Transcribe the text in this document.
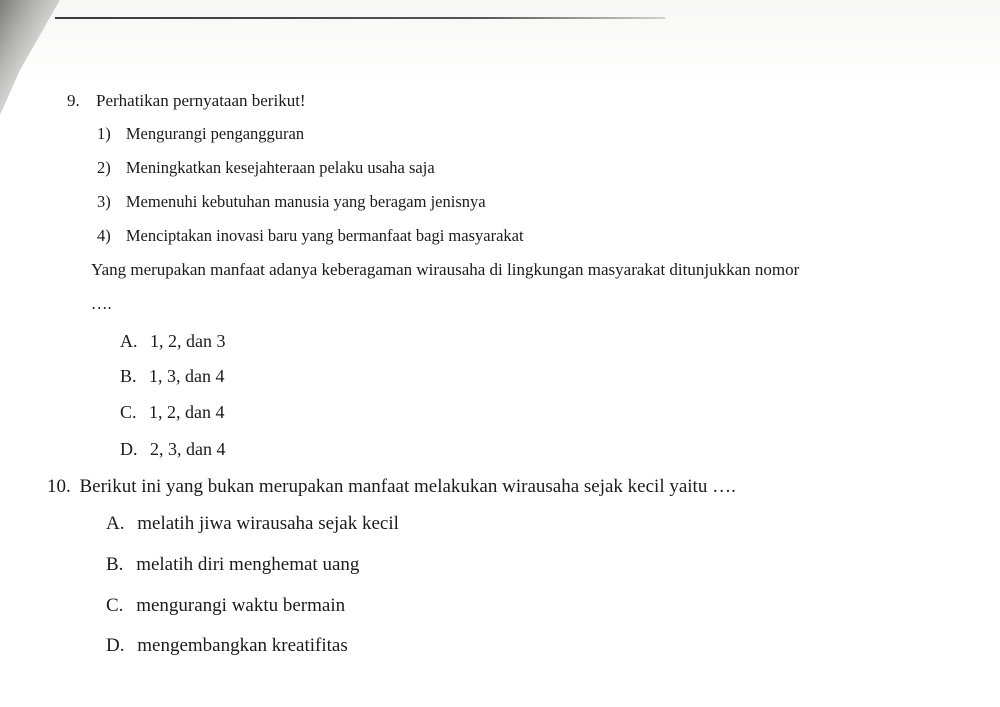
9. Perhatikan pernyataan berikut!
1) Mengurangi pengangguran
2) Meningkatkan kesejahteraan pelaku usaha saja
3) Memenuhi kebutuhan manusia yang beragam jenisnya
4) Menciptakan inovasi baru yang bermanfaat bagi masyarakat
Yang merupakan manfaat adanya keberagaman wirausaha di lingkungan masyarakat ditunjukkan nomor
….
A. 1, 2, dan 3
B. 1, 3, dan 4
C. 1, 2, dan 4
D. 2, 3, dan 4
10. Berikut ini yang bukan merupakan manfaat melakukan wirausaha sejak kecil yaitu ….
A. melatih jiwa wirausaha sejak kecil
B. melatih diri menghemat uang
C. mengurangi waktu bermain
D. mengembangkan kreatifitas
